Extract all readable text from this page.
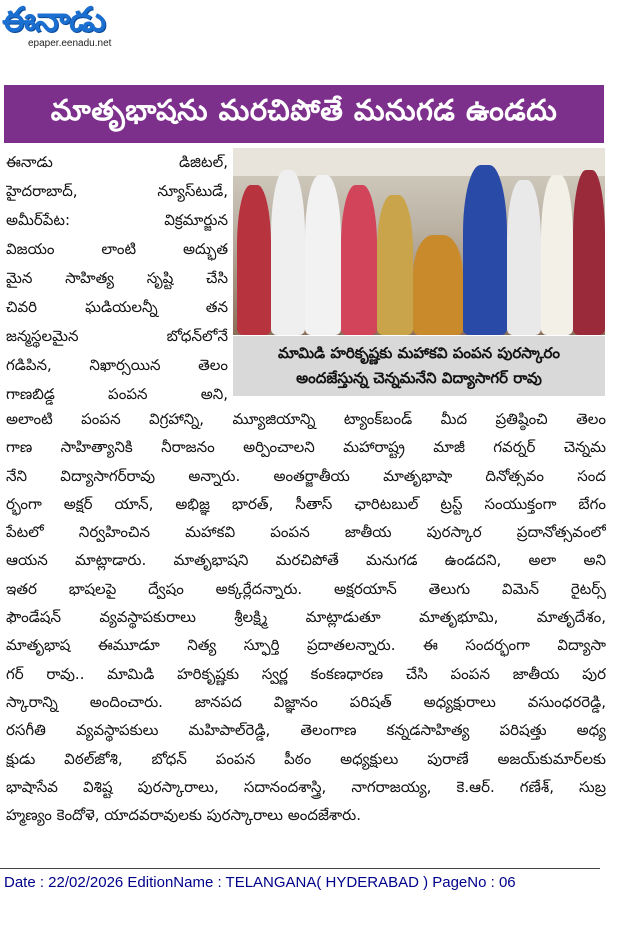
ఈనాడు
epaper.eenadu.net
మాతృభాషను మరచిపోతే మనుగడ ఉండదు
ఈనాడు డిజిటల్,
హైదరాబాద్, న్యూస్‌టుడే,
అమీర్‌పేట: విక్రమార్జున
విజయం లాంటి అద్భుత
మైన సాహిత్య సృష్టి చేసి
చివరి ఘడియలన్నీ తన
జన్మస్థలమైన బోధన్‌లోనే
గడిపిన, నిఖార్సయిన తెలం
గాణబిడ్డ పంపన అని,
మామిడి హరికృష్ణకు మహాకవి పంపన పురస్కారం
అందజేస్తున్న చెన్నమనేని విద్యాసాగర్ రావు
అలాంటి పంపన విగ్రహాన్ని, మ్యూజియాన్ని ట్యాంక్‌బండ్ మీద ప్రతిష్ఠించి తెలం
గాణ సాహిత్యానికి నీరాజనం అర్పించాలని మహారాష్ట్ర మాజీ గవర్నర్ చెన్నమ
నేని విద్యాసాగర్‌రావు అన్నారు. అంతర్జాతీయ మాతృభాషా దినోత్సవం సంద
ర్భంగా అక్షర్ యాన్, అభిజ్ఞ భారత్, సీతాస్ ఛారిటబుల్ ట్రస్ట్ సంయుక్తంగా బేగం
పేటలో నిర్వహించిన మహాకవి పంపన జాతీయ పురస్కార ప్రదానోత్సవంలో
ఆయన మాట్లాడారు. మాతృభాషని మరచిపోతే మనుగడ ఉండదని, అలా అని
ఇతర భాషలపై ద్వేషం అక్కర్లేదన్నారు. అక్షరయాన్ తెలుగు విమెన్ రైటర్స్
ఫౌండేషన్ వ్యవస్థాపకురాలు శ్రీలక్ష్మి మాట్లాడుతూ మాతృభూమి, మాతృదేశం,
మాతృభాష ఈమూడూ నిత్య స్ఫూర్తి ప్రదాతలన్నారు. ఈ సందర్భంగా విద్యాసా
గర్ రావు.. మామిడి హరికృష్ణకు స్వర్ణ కంకణధారణ చేసి పంపన జాతీయ పుర
స్కారాన్ని అందించారు. జానపద విజ్ఞానం పరిషత్ అధ్యక్షురాలు వసుంధరరెడ్డి,
రసగీతి వ్యవస్థాపకులు మహిపాల్‌రెడ్డి, తెలంగాణ కన్నడసాహిత్య పరిషత్తు అధ్య
క్షుడు విఠల్‌జోశి, బోధన్ పంపన పీఠం అధ్యక్షులు పురాణే అజయ్‌కుమార్‌లకు
భాషాసేవ విశిష్ట పురస్కారాలు, సదానందశాస్త్రి, నాగరాజయ్య, కె.ఆర్. గణేశ్, సుబ్ర
హ్మణ్యం కెందోళె, యాదవరావులకు పురస్కారాలు అందజేశారు.
Date : 22/02/2026 EditionName : TELANGANA( HYDERABAD ) PageNo : 06
